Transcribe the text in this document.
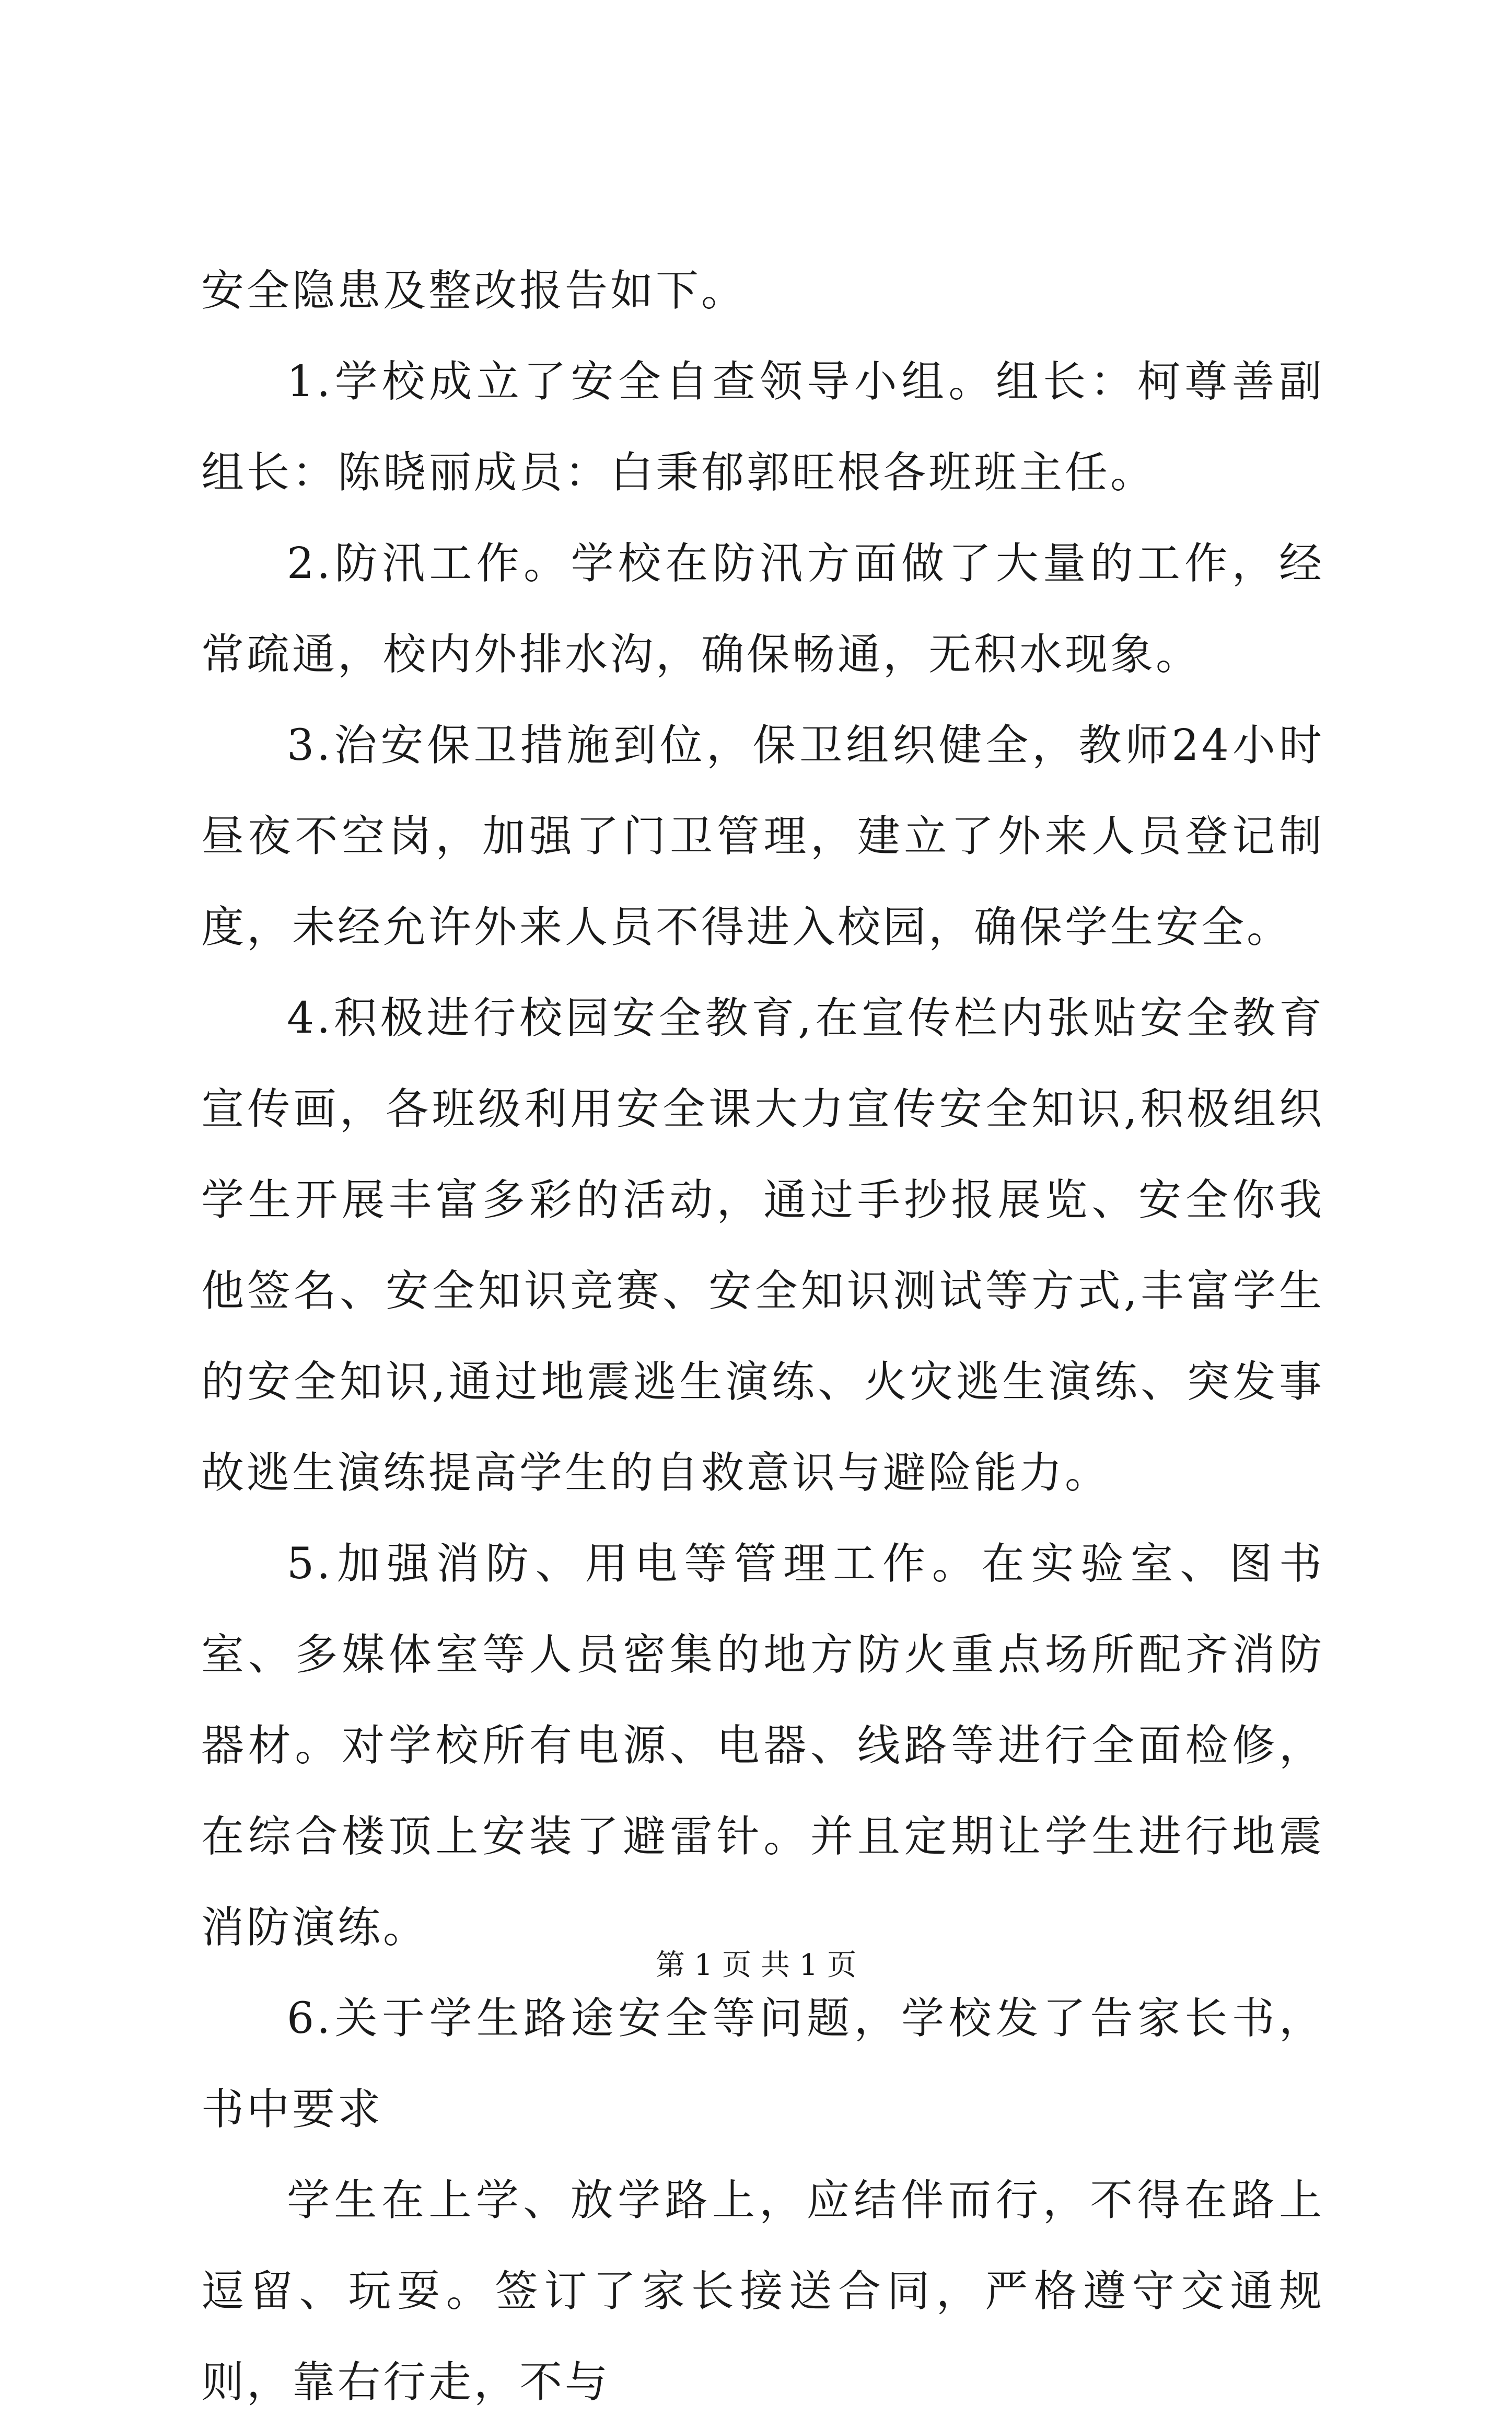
安全隐患及整改报告如下。

1.学校成立了安全自查领导小组。组长：柯尊善副组长：陈晓丽成员：白秉郁郭旺根各班班主任。

2.防汛工作。学校在防汛方面做了大量的工作，经常疏通，校内外排水沟，确保畅通，无积水现象。

3.治安保卫措施到位，保卫组织健全，教师24小时昼夜不空岗，加强了门卫管理，建立了外来人员登记制度，未经允许外来人员不得进入校园，确保学生安全。

4.积极进行校园安全教育,在宣传栏内张贴安全教育宣传画，各班级利用安全课大力宣传安全知识,积极组织学生开展丰富多彩的活动，通过手抄报展览、安全你我他签名、安全知识竞赛、安全知识测试等方式,丰富学生的安全知识,通过地震逃生演练、火灾逃生演练、突发事故逃生演练提高学生的自救意识与避险能力。

5.加强消防、用电等管理工作。在实验室、图书室、多媒体室等人员密集的地方防火重点场所配齐消防器材。对学校所有电源、电器、线路等进行全面检修，在综合楼顶上安装了避雷针。并且定期让学生进行地震消防演练。

6.关于学生路途安全等问题，学校发了告家长书，书中要求

学生在上学、放学路上，应结伴而行，不得在路上逗留、玩耍。签订了家长接送合同，严格遵守交通规则，靠右行走，不与

第 1 页 共 1 页
